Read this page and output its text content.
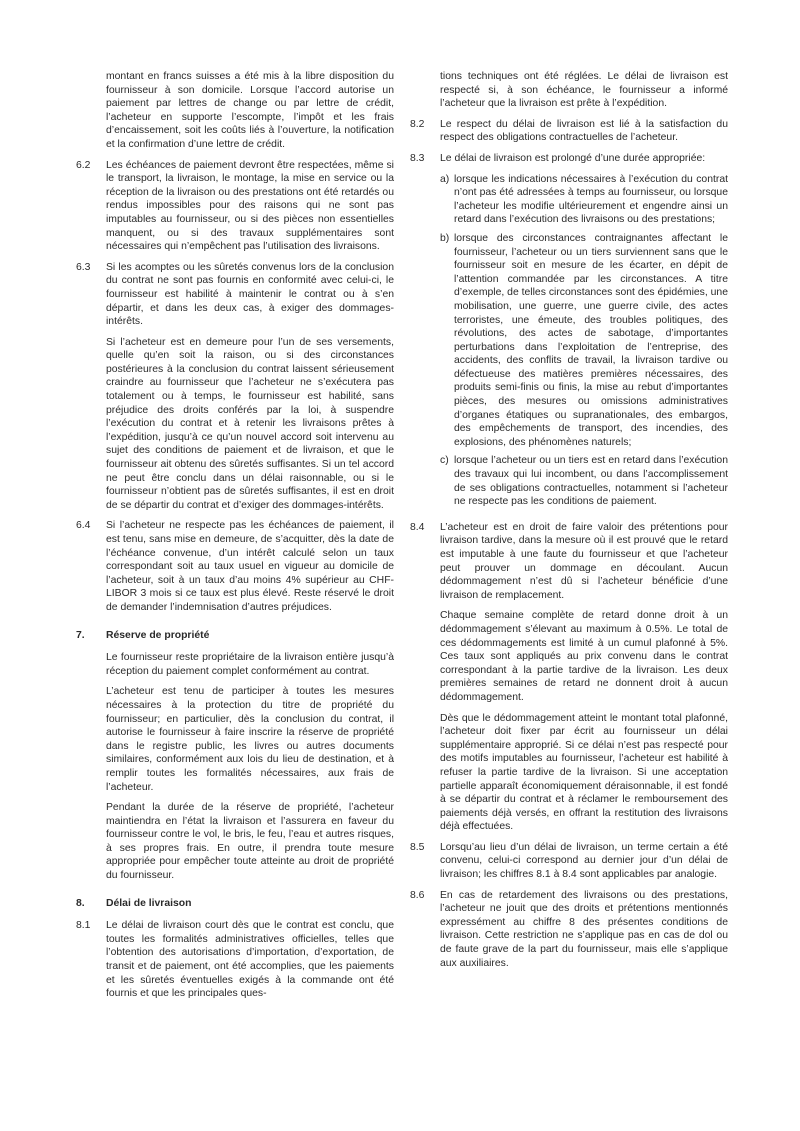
montant en francs suisses a été mis à la libre disposition du fournisseur à son domicile. Lorsque l’accord autorise un paiement par lettres de change ou par lettre de crédit, l’acheteur en supporte l’escompte, l’impôt et les frais d’encaissement, soit les coûts liés à l’ouverture, la notification et la confirmation d’une lettre de crédit.
6.2	Les échéances de paiement devront être respectées, même si le transport, la livraison, le montage, la mise en service ou la réception de la livraison ou des prestations ont été retardés ou rendus impossibles pour des raisons qui ne sont pas imputables au fournisseur, ou si des pièces non essentielles manquent, ou si des travaux supplémentaires sont nécessaires qui n’empêchent pas l’utilisation des livraisons.

6.3	Si les acomptes ou les sûretés convenus lors de la conclusion du contrat ne sont pas fournis en conformité avec celui-ci, le fournisseur est habilité à maintenir le contrat ou à s’en départir, et dans les deux cas, à exiger des dommages-intérêts.

Si l’acheteur est en demeure pour l’un de ses versements, quelle qu’en soit la raison, ou si des circonstances postérieures à la conclusion du contrat laissent sérieusement craindre au fournisseur que l’acheteur ne s’exécutera pas totalement ou à temps, le fournisseur est habilité, sans préjudice des droits conférés par la loi, à suspendre l’exécution du contrat et à retenir les livraisons prêtes à l’expédition, jusqu’à ce qu’un nouvel accord soit intervenu au sujet des conditions de paiement et de livraison, et que le fournisseur ait obtenu des sûretés suffisantes. Si un tel accord ne peut être conclu dans un délai raisonnable, ou si le fournisseur n’obtient pas de sûretés suffisantes, il est en droit de se départir du contrat et d’exiger des dommages-intérêts.

6.4	Si l’acheteur ne respecte pas les échéances de paiement, il est tenu, sans mise en demeure, de s’acquitter, dès la date de l’échéance convenue, d’un intérêt calculé selon un taux correspondant soit au taux usuel en vigueur au domicile de l’acheteur, soit à un taux d’au moins 4% supérieur au CHF-LIBOR 3 mois si ce taux est plus élevé. Reste réservé le droit de demander l’indemnisation d’autres préjudices.

7.	Réserve de propriété

Le fournisseur reste propriétaire de la livraison entière jusqu’à réception du paiement complet conformément au contrat.

L’acheteur est tenu de participer à toutes les mesures nécessaires à la protection du titre de propriété du fournisseur; en particulier, dès la conclusion du contrat, il autorise le fournisseur à faire inscrire la réserve de propriété dans le registre public, les livres ou autres documents similaires, conformément aux lois du lieu de destination, et à remplir toutes les formalités nécessaires, aux frais de l’acheteur.

Pendant la durée de la réserve de propriété, l’acheteur maintiendra en l’état la livraison et l’assurera en faveur du fournisseur contre le vol, le bris, le feu, l’eau et autres risques, à ses propres frais. En outre, il prendra toute mesure appropriée pour empêcher toute atteinte au droit de propriété du fournisseur.

8.	Délai de livraison
8.1	Le délai de livraison court dès que le contrat est conclu, que toutes les formalités administratives officielles, telles que l’obtention des autorisations d’importation, d’exportation, de transit et de paiement, ont été accomplies, que les paiements et les sûretés éventuelles exigés à la commande ont été fournis et que les principales ques-

tions techniques ont été réglées. Le délai de livraison est respecté si, à son échéance, le fournisseur a informé l’acheteur que la livraison est prête à l’expédition.
8.2	Le respect du délai de livraison est lié à la satisfaction du respect des obligations contractuelles de l’acheteur.

8.3	Le délai de livraison est prolongé d’une durée appropriée:

a) lorsque les indications nécessaires à l’exécution du contrat n’ont pas été adressées à temps au fournisseur, ou lorsque l’acheteur les modifie ultérieurement et engendre ainsi un retard dans l’exécution des livraisons ou des prestations;
b) lorsque des circonstances contraignantes affectant le fournisseur, l’acheteur ou un tiers surviennent sans que le fournisseur soit en mesure de les écarter, en dépit de l’attention commandée par les circonstances. A titre d’exemple, de telles circonstances sont des épidémies, une mobilisation, une guerre, une guerre civile, des actes terroristes, une émeute, des troubles politiques, des révolutions, des actes de sabotage, d’importantes perturbations dans l’exploitation de l’entreprise, des accidents, des conflits de travail, la livraison tardive ou défectueuse des matières premières nécessaires, des produits semi-finis ou finis, la mise au rebut d’importantes pièces, des mesures ou omissions administratives d’organes étatiques ou supranationales, des embargos, des empêchements de transport, des incendies, des explosions, des phénomènes naturels;
c) lorsque l’acheteur ou un tiers est en retard dans l’exécution des travaux qui lui incombent, ou dans l’accomplissement de ses obligations contractuelles, notamment si l’acheteur ne respecte pas les conditions de paiement.
8.4	L’acheteur est en droit de faire valoir des prétentions pour livraison tardive, dans la mesure où il est prouvé que le retard est imputable à une faute du fournisseur et que l’acheteur peut prouver un dommage en découlant. Aucun dédommagement n’est dû si l’acheteur bénéficie d’une livraison de remplacement.

Chaque semaine complète de retard donne droit à un dédommagement s’élevant au maximum à 0.5%. Le total de ces dédommagements est limité à un cumul plafonné à 5%. Ces taux sont appliqués au prix convenu dans le contrat correspondant à la partie tardive de la livraison. Les deux premières semaines de retard ne donnent droit à aucun dédommagement.

Dès que le dédommagement atteint le montant total plafonné, l’acheteur doit fixer par écrit au fournisseur un délai supplémentaire approprié. Si ce délai n’est pas respecté pour des motifs imputables au fournisseur, l’acheteur est habilité à refuser la partie tardive de la livraison. Si une acceptation partielle apparaît économiquement déraisonnable, il est fondé à se départir du contrat et à réclamer le remboursement des paiements déjà versés, en offrant la restitution des livraisons déjà effectuées.

8.5	Lorsqu’au lieu d’un délai de livraison, un terme certain a été convenu, celui-ci correspond au dernier jour d’un délai de livraison; les chiffres 8.1 à 8.4 sont applicables par analogie.

8.6	En cas de retardement des livraisons ou des prestations, l’acheteur ne jouit que des droits et prétentions mentionnés expressément au chiffre 8 des présentes conditions de livraison. Cette restriction ne s’applique pas en cas de dol ou de faute grave de la part du fournisseur, mais elle s’applique aux auxiliaires.
